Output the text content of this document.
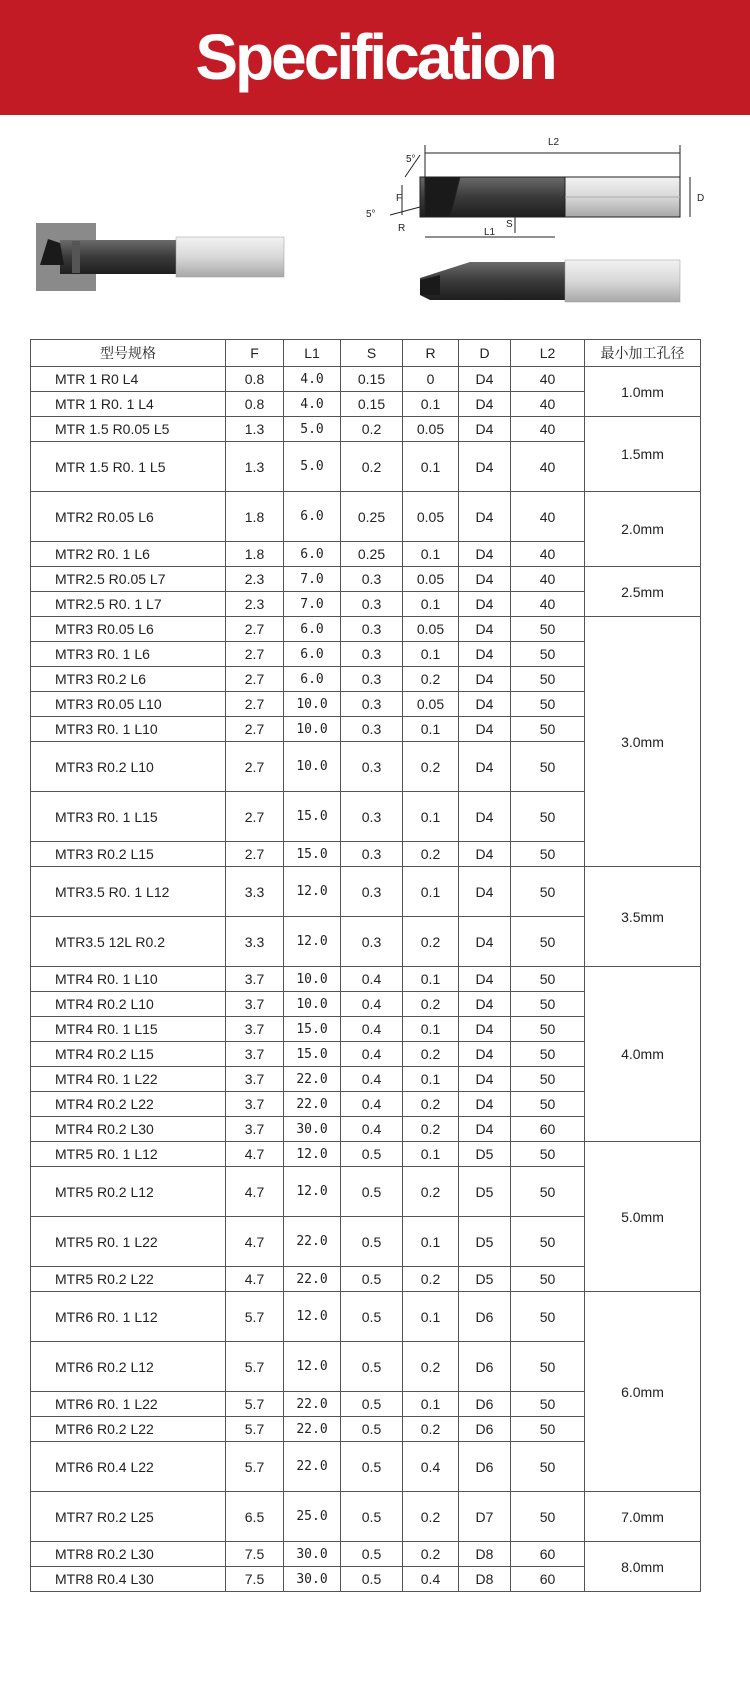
Specification
L2
5°
F
5°
R	S
L1
D
型号规格	F	L1	S	R	D	L2	最小加工孔径
MTR 1 R0 L4	0.8	4.0	0.15	0	D4	40	1.0mm
MTR 1 R0. 1 L4	0.8	4.0	0.15	0.1	D4	40	
MTR 1.5 R0.05 L5	1.3	5.0	0.2	0.05	D4	40	1.5mm
MTR 1.5 R0. 1 L5	1.3	5.0	0.2	0.1	D4	40	
MTR2 R0.05 L6	1.8	6.0	0.25	0.05	D4	40	2.0mm
MTR2 R0. 1 L6	1.8	6.0	0.25	0.1	D4	40	
MTR2.5 R0.05 L7	2.3	7.0	0.3	0.05	D4	40	2.5mm
MTR2.5 R0. 1 L7	2.3	7.0	0.3	0.1	D4	40	
MTR3 R0.05 L6	2.7	6.0	0.3	0.05	D4	50	3.0mm
MTR3 R0. 1 L6	2.7	6.0	0.3	0.1	D4	50	
MTR3 R0.2 L6	2.7	6.0	0.3	0.2	D4	50	
MTR3 R0.05 L10	2.7	10.0	0.3	0.05	D4	50	
MTR3 R0. 1 L10	2.7	10.0	0.3	0.1	D4	50	
MTR3 R0.2 L10	2.7	10.0	0.3	0.2	D4	50	
MTR3 R0. 1 L15	2.7	15.0	0.3	0.1	D4	50	
MTR3 R0.2 L15	2.7	15.0	0.3	0.2	D4	50	
MTR3.5 R0. 1 L12	3.3	12.0	0.3	0.1	D4	50	3.5mm
MTR3.5 12L R0.2	3.3	12.0	0.3	0.2	D4	50	
MTR4 R0. 1 L10	3.7	10.0	0.4	0.1	D4	50	4.0mm
MTR4 R0.2 L10	3.7	10.0	0.4	0.2	D4	50	
MTR4 R0. 1 L15	3.7	15.0	0.4	0.1	D4	50	
MTR4 R0.2 L15	3.7	15.0	0.4	0.2	D4	50	
MTR4 R0. 1 L22	3.7	22.0	0.4	0.1	D4	50	
MTR4 R0.2 L22	3.7	22.0	0.4	0.2	D4	50	
MTR4 R0.2 L30	3.7	30.0	0.4	0.2	D4	60	
MTR5 R0. 1 L12	4.7	12.0	0.5	0.1	D5	50	5.0mm
MTR5 R0.2 L12	4.7	12.0	0.5	0.2	D5	50	
MTR5 R0. 1 L22	4.7	22.0	0.5	0.1	D5	50	
MTR5 R0.2 L22	4.7	22.0	0.5	0.2	D5	50	
MTR6 R0. 1 L12	5.7	12.0	0.5	0.1	D6	50	6.0mm
MTR6 R0.2 L12	5.7	12.0	0.5	0.2	D6	50	
MTR6 R0. 1 L22	5.7	22.0	0.5	0.1	D6	50	
MTR6 R0.2 L22	5.7	22.0	0.5	0.2	D6	50	
MTR6 R0.4 L22	5.7	22.0	0.5	0.4	D6	50	
MTR7 R0.2 L25	6.5	25.0	0.5	0.2	D7	50	7.0mm
MTR8 R0.2 L30	7.5	30.0	0.5	0.2	D8	60	8.0mm
MTR8 R0.4 L30	7.5	30.0	0.5	0.4	D8	60	
